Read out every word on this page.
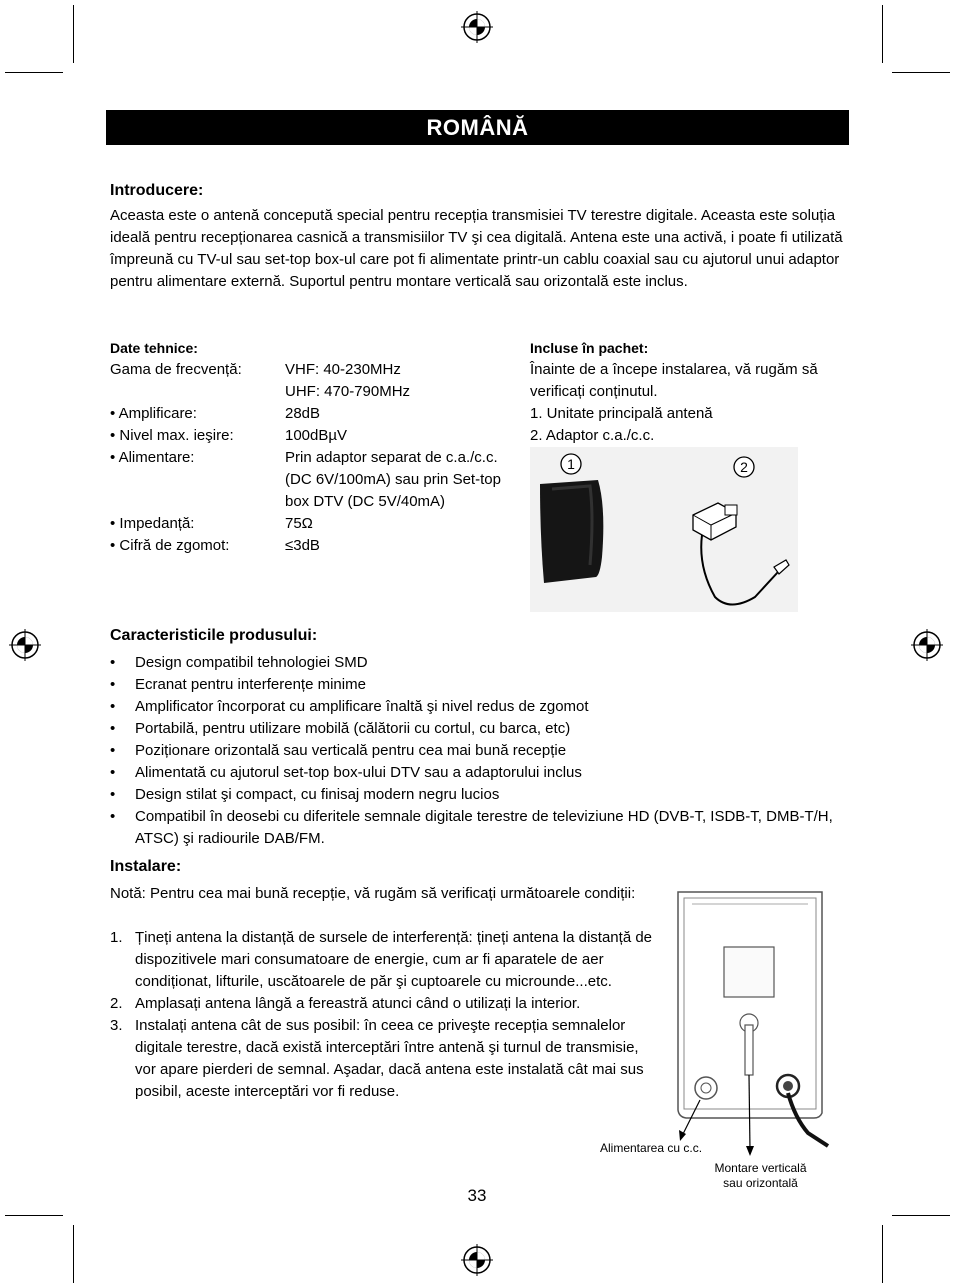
ROMÂNĂ
Introducere:

Aceasta este o antenă concepută special pentru recepția transmisiei TV terestre digitale. Aceasta este soluția ideală pentru recepționarea casnică a transmisiilor TV şi cea digitală. Antena este una activă, i poate fi utilizată împreună cu TV-ul sau set-top box-ul care pot fi alimentate printr-un cablu coaxial sau cu ajutorul unui adaptor pentru alimentare externă. Suportul pentru montare verticală sau orizontală este inclus.

Date tehnice:
Gama de frecvență:	VHF: 40-230MHz
UHF: 470-790MHz
• Amplificare:	28dB
• Nivel max. ieşire:	100dBµV
• Alimentare:	Prin adaptor separat de c.a./c.c. (DC 6V/100mA) sau prin Set-top box DTV (DC 5V/40mA)
• Impedanță:	75Ω
• Cifră de zgomot:	≤3dB
Incluse în pachet:
Înainte de a începe instalarea, vă rugăm să verificați conținutul.
1. Unitate principală antenă
2. Adaptor c.a./c.c.
1	2
Caracteristicile produsului:
•	Design compatibil tehnologiei SMD
•	Ecranat pentru interferențe minime
•	Amplificator încorporat cu amplificare înaltă şi nivel redus de zgomot
•	Portabilă, pentru utilizare mobilă (călătorii cu cortul, cu barca, etc)
•	Poziționare orizontală sau verticală pentru cea mai bună recepție
•	Alimentată cu ajutorul set-top box-ului DTV sau a adaptorului inclus
•	Design stilat şi compact, cu finisaj modern negru lucios
•	Compatibil în deosebi cu diferitele semnale digitale terestre de televiziune HD (DVB-T, ISDB-T, DMB-T/H, ATSC) şi radiourile DAB/FM.
Instalare:

Notă: Pentru cea mai bună recepție, vă rugăm să verificați următoarele condiții:

1. Țineți antena la distanță de sursele de interferență: țineți antena la distanță de dispozitivele mari consumatoare de energie, cum ar fi aparatele de aer condiționat, lifturile, uscătoarele de păr şi cuptoarele cu microunde...etc.
2. Amplasați antena lângă a fereastră atunci când o utilizați la interior.
3. Instalați antena cât de sus posibil: în ceea ce priveşte recepția semnalelor digitale terestre, dacă există interceptări între antenă şi turnul de transmisie, vor apare pierderi de semnal. Aşadar, dacă antena este instalată cât mai sus posibil, aceste interceptări vor fi reduse.
Alimentarea cu c.c.
Montare verticală
sau orizontală
33
